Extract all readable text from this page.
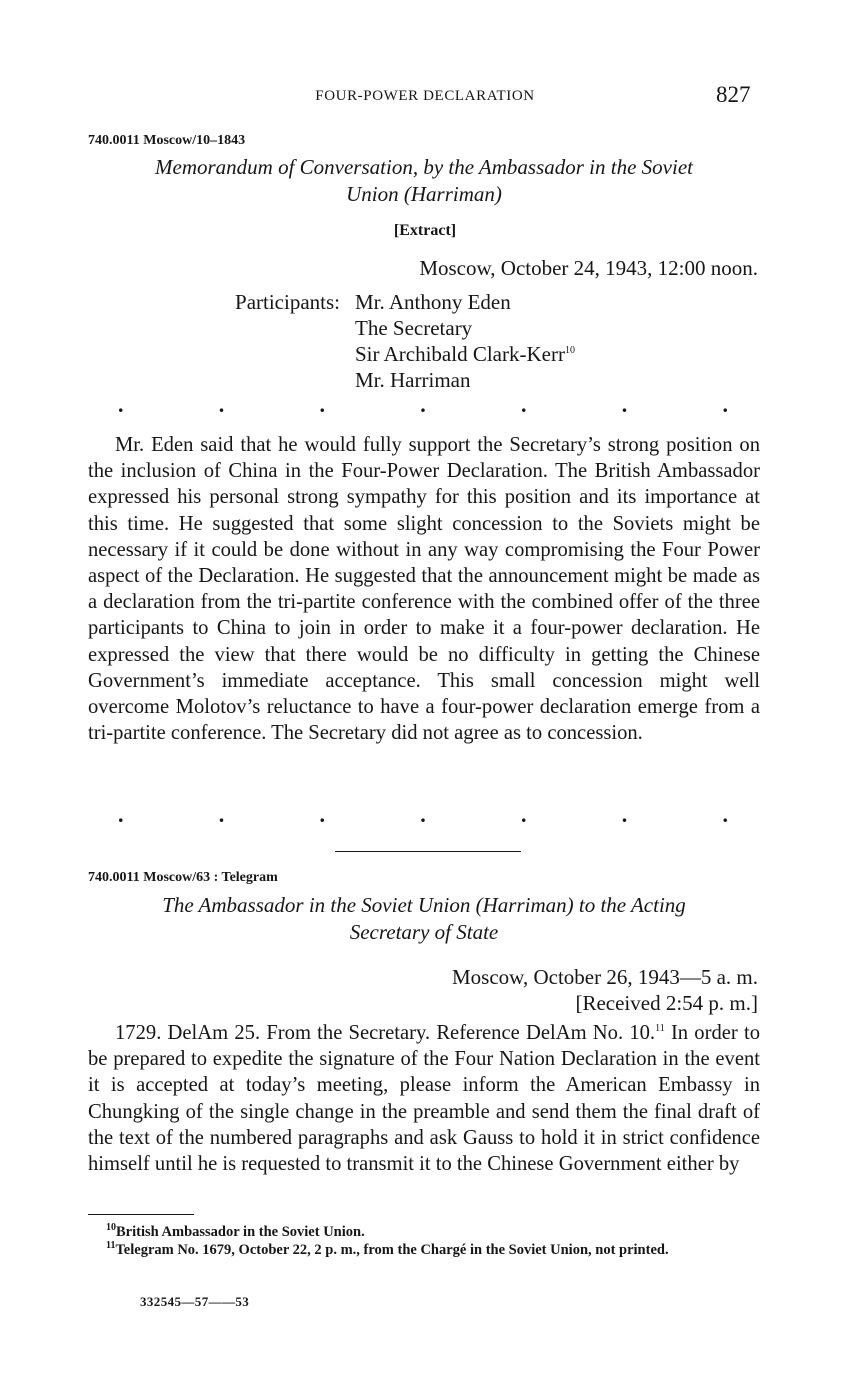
FOUR-POWER DECLARATION	827
740.0011 Moscow/10–1843
Memorandum of Conversation, by the Ambassador in the Soviet
Union (Harriman)
[Extract]
Moscow, October 24, 1943, 12:00 noon.
Participants: Mr. Anthony Eden
The Secretary
Sir Archibald Clark-Kerr$^{10}$
Mr. Harriman
.	.	.	.	.	.	.

Mr. Eden said that he would fully support the Secretary’s strong position on the inclusion of China in the Four-Power Declaration. The British Ambassador expressed his personal strong sympathy for this position and its importance at this time. He suggested that some slight concession to the Soviets might be necessary if it could be done without in any way compromising the Four Power aspect of the Declaration. He suggested that the announcement might be made as a declaration from the tri-partite conference with the combined offer of the three participants to China to join in order to make it a four-power declaration. He expressed the view that there would be no difficulty in getting the Chinese Government’s immediate acceptance. This small concession might well overcome Molotov’s reluctance to have a four-power declaration emerge from a tri-partite conference. The Secretary did not agree as to concession.

.	.	.	.	.	.	.
740.0011 Moscow/63 : Telegram
The Ambassador in the Soviet Union (Harriman) to the Acting
Secretary of State
Moscow, October 26, 1943—5 a. m.
[Received 2:54 p. m.]

1729. DelAm 25. From the Secretary. Reference DelAm No. 10.11 In order to be prepared to expedite the signature of the Four Nation Declaration in the event it is accepted at today’s meeting, please inform the American Embassy in Chungking of the single change in the preamble and send them the final draft of the text of the numbered paragraphs and ask Gauss to hold it in strict confidence himself until he is requested to transmit it to the Chinese Government either by

$^{10}$British Ambassador in the Soviet Union.
$^{11}$Telegram No. 1679, October 22, 2 p. m., from the Chargé in the Soviet Union, not printed.
332545—57——53
